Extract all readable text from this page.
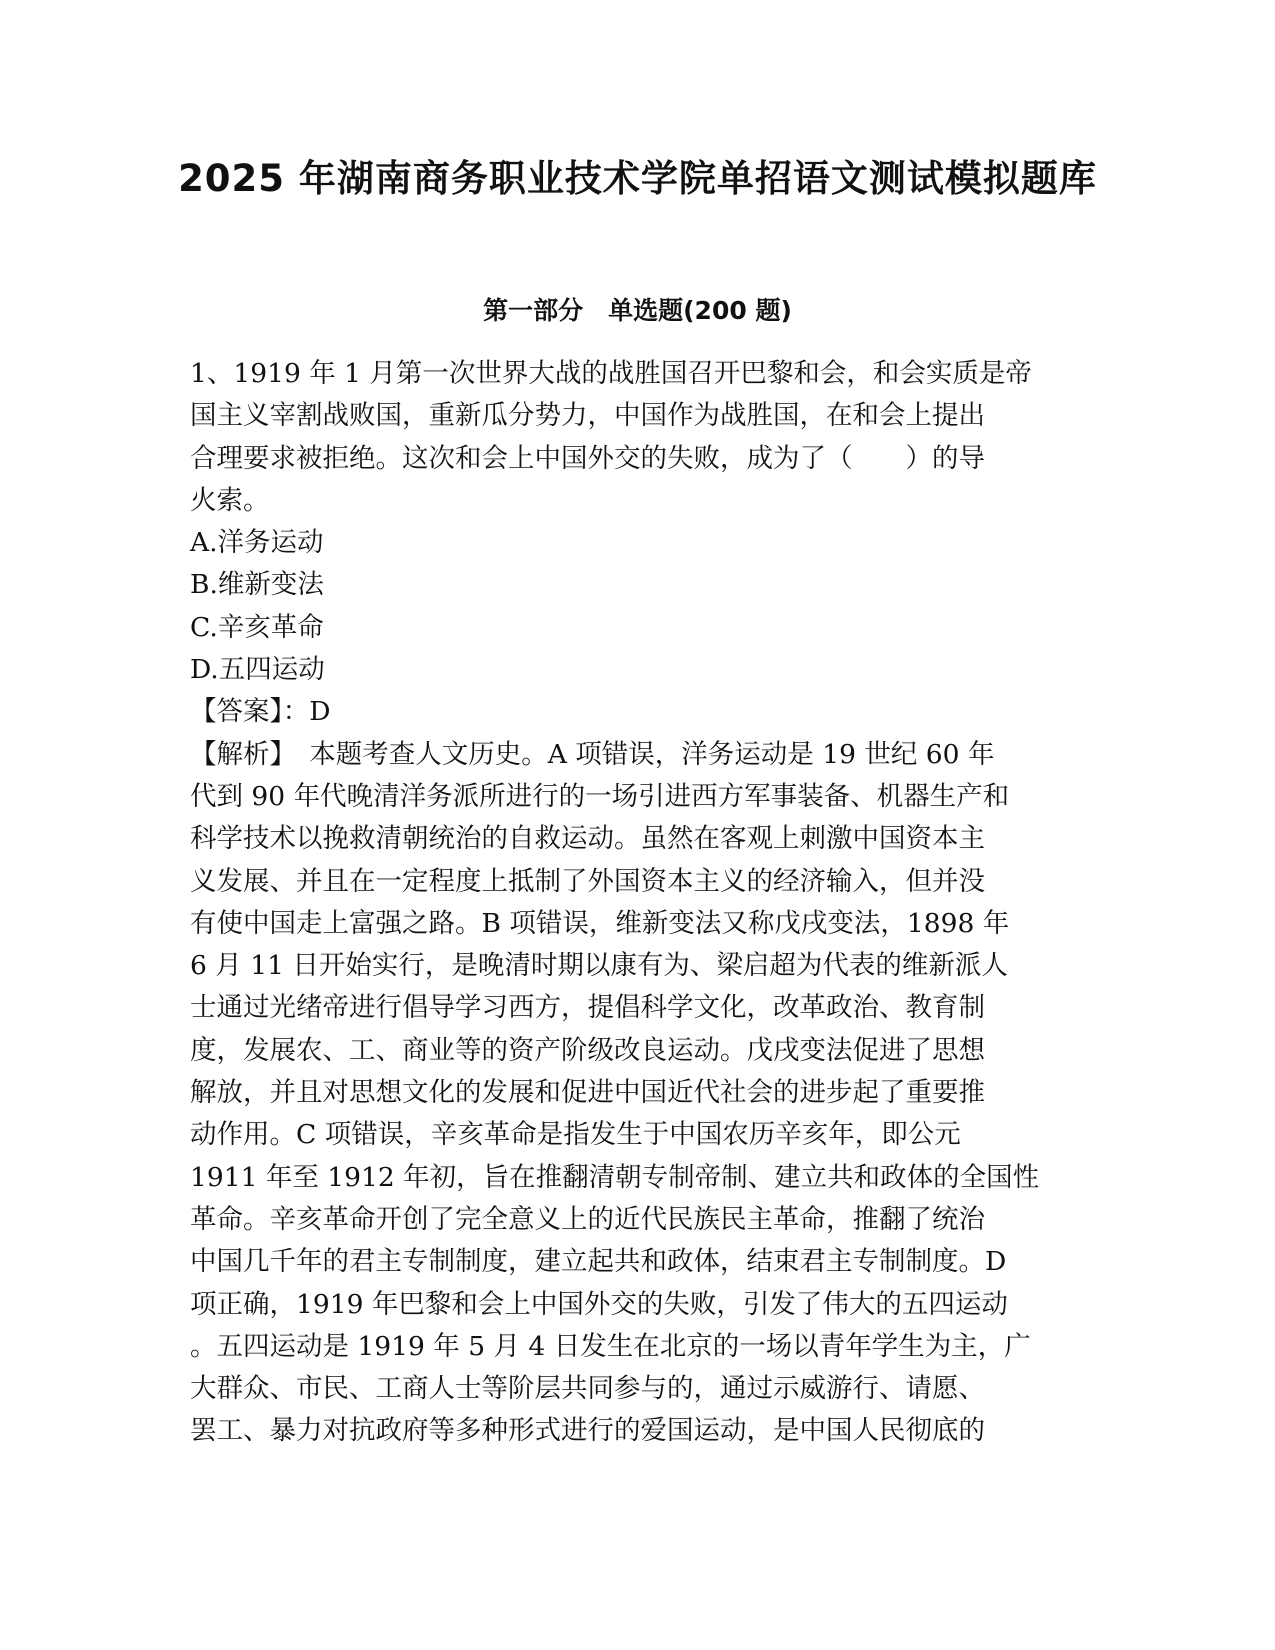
2025 年湖南商务职业技术学院单招语文测试模拟题库
第一部分　单选题(200 题)
1、1919 年 1 月第一次世界大战的战胜国召开巴黎和会，和会实质是帝
国主义宰割战败国，重新瓜分势力，中国作为战胜国，在和会上提出
合理要求被拒绝。这次和会上中国外交的失败，成为了（　　）的导
火索。
A.洋务运动
B.维新变法
C.辛亥革命
D.五四运动
【答案】：D
【解析】　本题考查人文历史。A 项错误，洋务运动是 19 世纪 60 年
代到 90 年代晚清洋务派所进行的一场引进西方军事装备、机器生产和
科学技术以挽救清朝统治的自救运动。虽然在客观上刺激中国资本主
义发展、并且在一定程度上抵制了外国资本主义的经济输入，但并没
有使中国走上富强之路。B 项错误，维新变法又称戊戌变法，1898 年
6 月 11 日开始实行，是晚清时期以康有为、梁启超为代表的维新派人
士通过光绪帝进行倡导学习西方，提倡科学文化，改革政治、教育制
度，发展农、工、商业等的资产阶级改良运动。戊戌变法促进了思想
解放，并且对思想文化的发展和促进中国近代社会的进步起了重要推
动作用。C 项错误，辛亥革命是指发生于中国农历辛亥年，即公元
1911 年至 1912 年初，旨在推翻清朝专制帝制、建立共和政体的全国性
革命。辛亥革命开创了完全意义上的近代民族民主革命，推翻了统治
中国几千年的君主专制制度，建立起共和政体，结束君主专制制度。D
项正确，1919 年巴黎和会上中国外交的失败，引发了伟大的五四运动
。五四运动是 1919 年 5 月 4 日发生在北京的一场以青年学生为主，广
大群众、市民、工商人士等阶层共同参与的，通过示威游行、请愿、
罢工、暴力对抗政府等多种形式进行的爱国运动，是中国人民彻底的
